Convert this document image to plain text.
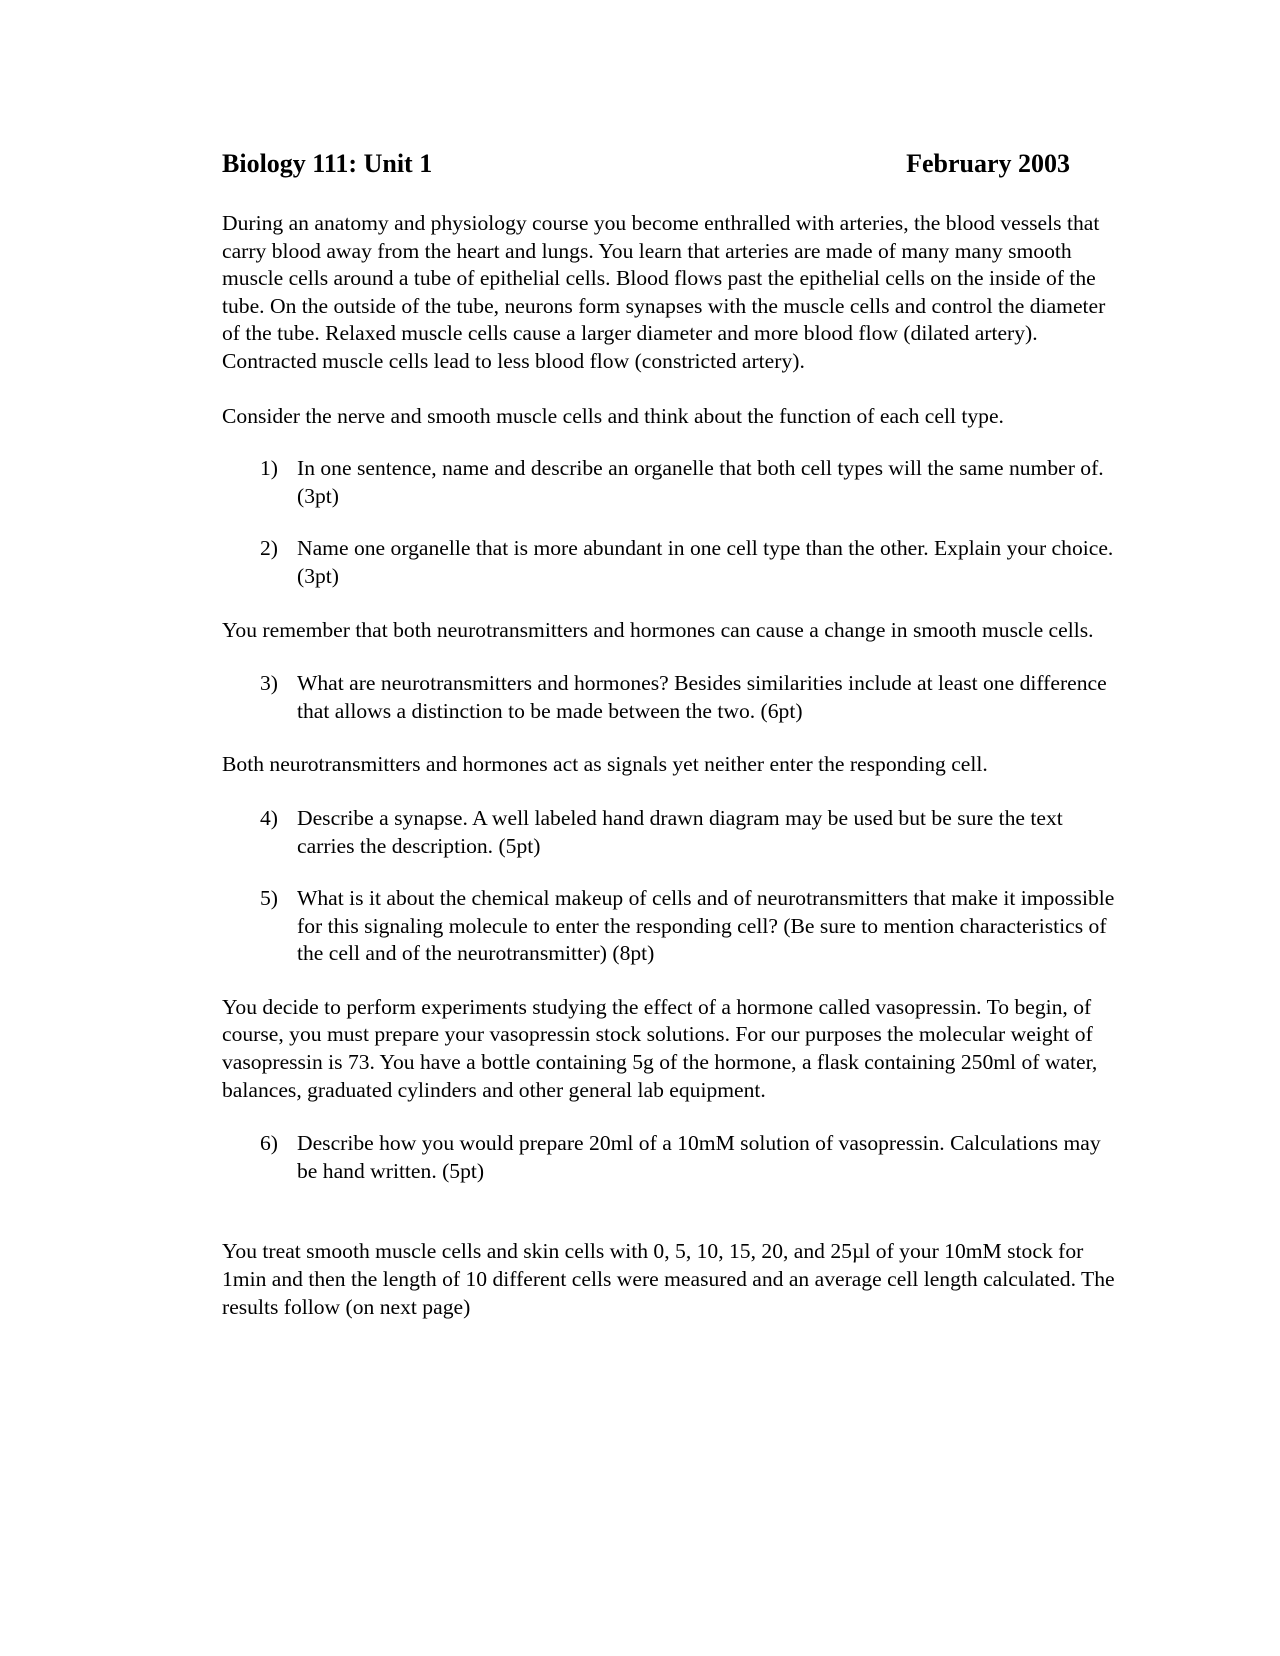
Biology 111: Unit 1	February 2003

During an anatomy and physiology course you become enthralled with arteries, the blood vessels that carry blood away from the heart and lungs. You learn that arteries are made of many many smooth muscle cells around a tube of epithelial cells. Blood flows past the epithelial cells on the inside of the tube. On the outside of the tube, neurons form synapses with the muscle cells and control the diameter of the tube. Relaxed muscle cells cause a larger diameter and more blood flow (dilated artery). Contracted muscle cells lead to less blood flow (constricted artery).

Consider the nerve and smooth muscle cells and think about the function of each cell type.

1) In one sentence, name and describe an organelle that both cell types will the same number of. (3pt)
2) Name one organelle that is more abundant in one cell type than the other. Explain your choice. (3pt)

You remember that both neurotransmitters and hormones can cause a change in smooth muscle cells.

3) What are neurotransmitters and hormones? Besides similarities include at least one difference that allows a distinction to be made between the two. (6pt)

Both neurotransmitters and hormones act as signals yet neither enter the responding cell.

4) Describe a synapse. A well labeled hand drawn diagram may be used but be sure the text carries the description. (5pt)
5) What is it about the chemical makeup of cells and of neurotransmitters that make it impossible for this signaling molecule to enter the responding cell? (Be sure to mention characteristics of the cell and of the neurotransmitter) (8pt)

You decide to perform experiments studying the effect of a hormone called vasopressin. To begin, of course, you must prepare your vasopressin stock solutions. For our purposes the molecular weight of vasopressin is 73. You have a bottle containing 5g of the hormone, a flask containing 250ml of water, balances, graduated cylinders and other general lab equipment.

6) Describe how you would prepare 20ml of a 10mM solution of vasopressin. Calculations may be hand written. (5pt)

You treat smooth muscle cells and skin cells with 0, 5, 10, 15, 20, and 25µl of your 10mM stock for 1min and then the length of 10 different cells were measured and an average cell length calculated. The results follow (on next page)
